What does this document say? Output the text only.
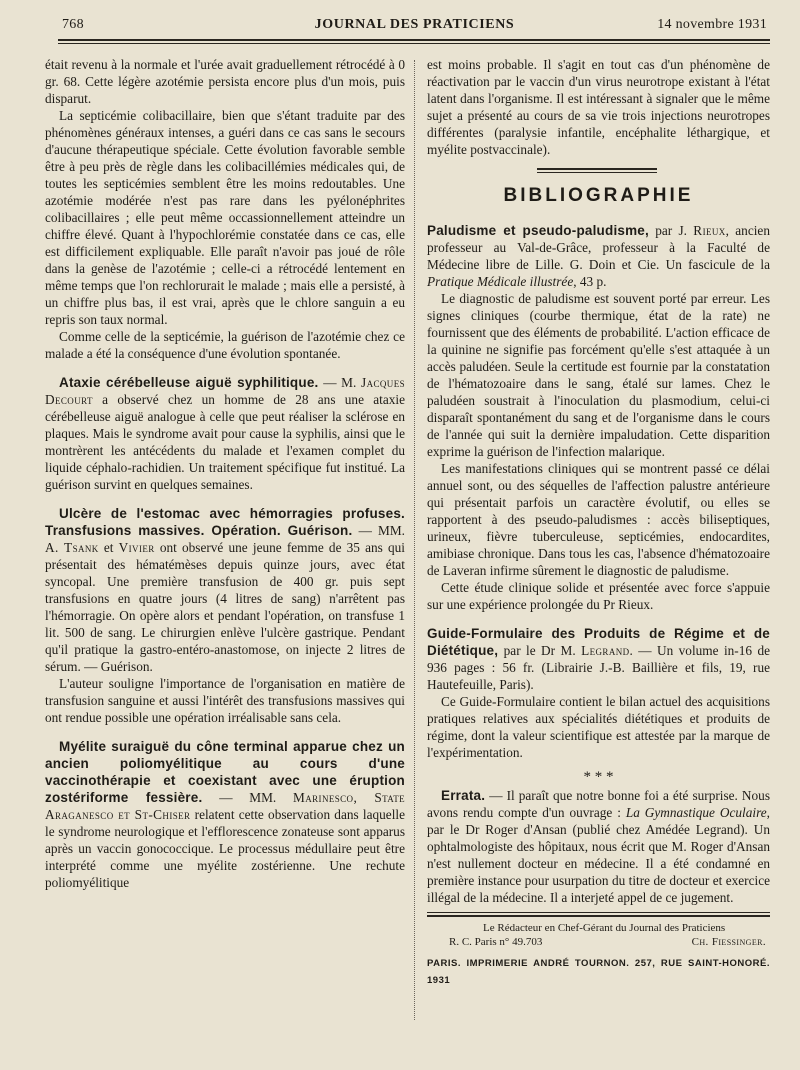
768	JOURNAL DES PRATICIENS	14 novembre 1931

était revenu à la normale et l'urée avait graduellement rétrocédé à 0 gr. 68. Cette légère azotémie persista encore plus d'un mois, puis disparut.

La septicémie colibacillaire, bien que s'étant traduite par des phénomènes généraux intenses, a guéri dans ce cas sans le secours d'aucune thérapeutique spéciale. Cette évolution favorable semble être à peu près de règle dans les colibacillémies médicales qui, de toutes les septicémies semblent être les moins redoutables. Une azotémie modérée n'est pas rare dans les pyélonéphrites colibacillaires ; elle peut même occassionnellement atteindre un chiffre élevé. Quant à l'hypochlorémie constatée dans ce cas, elle est difficilement expliquable. Elle paraît n'avoir pas joué de rôle dans la genèse de l'azotémie ; celle-ci a rétrocédé lentement en même temps que l'on rechlorurait le malade ; mais elle a persisté, à un chiffre plus bas, il est vrai, après que le chlore sanguin a eu repris son taux normal.

Comme celle de la septicémie, la guérison de l'azotémie chez ce malade a été la conséquence d'une évolution spontanée.

Ataxie cérébelleuse aiguë syphilitique. — M. Jacques Decourt a observé chez un homme de 28 ans une ataxie cérébelleuse aiguë analogue à celle que peut réaliser la sclérose en plaques. Mais le syndrome avait pour cause la syphilis, ainsi que le montrèrent les antécédents du malade et l'examen complet du liquide céphalo-rachidien. Un traitement spécifique fut institué. La guérison survint en quelques semaines.

Ulcère de l'estomac avec hémorragies profuses. Transfusions massives. Opération. Guérison. — MM. A. Tsank et Vivier ont observé une jeune femme de 35 ans qui présentait des hématémèses depuis quinze jours, avec état syncopal. Une première transfusion de 400 gr. puis sept transfusions en quatre jours (4 litres de sang) n'arrêtent pas l'hémorragie. On opère alors et pendant l'opération, on transfuse 1 lit. 500 de sang. Le chirurgien enlève l'ulcère gastrique. Pendant qu'il pratique la gastro-entéro-anastomose, on injecte 2 litres de sérum. — Guérison.

L'auteur souligne l'importance de l'organisation en matière de transfusion sanguine et aussi l'intérêt des transfusions massives qui ont rendue possible une opération irréalisable sans cela.

Myélite suraiguë du cône terminal apparue chez un ancien poliomyélitique au cours d'une vaccinothérapie et coexistant avec une éruption zostériforme fessière. — MM. Marinesco, State Araganesco et St-Chiser relatent cette observation dans laquelle le syndrome neurologique et l'efflorescence zonateuse sont apparus après un vaccin gonococcique. Le processus médullaire peut être interprété comme une myélite zostérienne. Une rechute poliomyélitique

est moins probable. Il s'agit en tout cas d'un phénomène de réactivation par le vaccin d'un virus neurotrope existant à l'état latent dans l'organisme. Il est intéressant à signaler que le même sujet a présenté au cours de sa vie trois injections neurotropes différentes (paralysie infantile, encéphalite léthargique, et myélite postvaccinale).

BIBLIOGRAPHIE

Paludisme et pseudo-paludisme, par J. Rieux, ancien professeur au Val-de-Grâce, professeur à la Faculté de Médecine libre de Lille. G. Doin et Cie. Un fascicule de la Pratique Médicale illustrée, 43 p.

Le diagnostic de paludisme est souvent porté par erreur. Les signes cliniques (courbe thermique, état de la rate) ne fournissent que des éléments de probabilité. L'action efficace de la quinine ne signifie pas forcément qu'elle s'est attaquée à un accès paludéen. Seule la certitude est fournie par la constatation de l'hématozoaire dans le sang, étalé sur lames. Chez le paludéen soustrait à l'inoculation du plasmodium, celui-ci disparaît spontanément du sang et de l'organisme dans le cours de l'année qui suit la dernière impaludation. Cette disparition exprime la guérison de l'infection malarique.

Les manifestations cliniques qui se montrent passé ce délai annuel sont, ou des séquelles de l'affection palustre antérieure qui présentait parfois un caractère évolutif, ou elles se rapportent à des pseudo-paludismes : accès biliseptiques, urineux, fièvre tuberculeuse, septicémies, endocardites, amibiase chronique. Dans tous les cas, l'absence d'hématozoaire de Laveran infirme sûrement le diagnostic de paludisme.

Cette étude clinique solide et présentée avec force s'appuie sur une expérience prolongée du Pr Rieux.

Guide-Formulaire des Produits de Régime et de Diététique, par le Dr M. Legrand. — Un volume in-16 de 936 pages : 56 fr. (Librairie J.-B. Baillière et fils, 19, rue Hautefeuille, Paris).

Ce Guide-Formulaire contient le bilan actuel des acquisitions pratiques relatives aux spécialités diététiques et produits de régime, dont la valeur scientifique est attestée par la marque de l'expérimentation.

* * *

Errata. — Il paraît que notre bonne foi a été surprise. Nous avons rendu compte d'un ouvrage : La Gymnastique Oculaire, par le Dr Roger d'Ansan (publié chez Amédée Legrand). Un ophtalmologiste des hôpitaux, nous écrit que M. Roger d'Ansan n'est nullement docteur en médecine. Il a été condamné en première instance pour usurpation du titre de docteur et exercice illégal de la médecine. Il a interjeté appel de ce jugement.

Le Rédacteur en Chef-Gérant du Journal des Praticiens
R. C. Paris n° 49.703	Ch. Fiessinger.
PARIS. IMPRIMERIE ANDRÉ TOURNON. 257, RUE SAINT-HONORÉ. 1931
